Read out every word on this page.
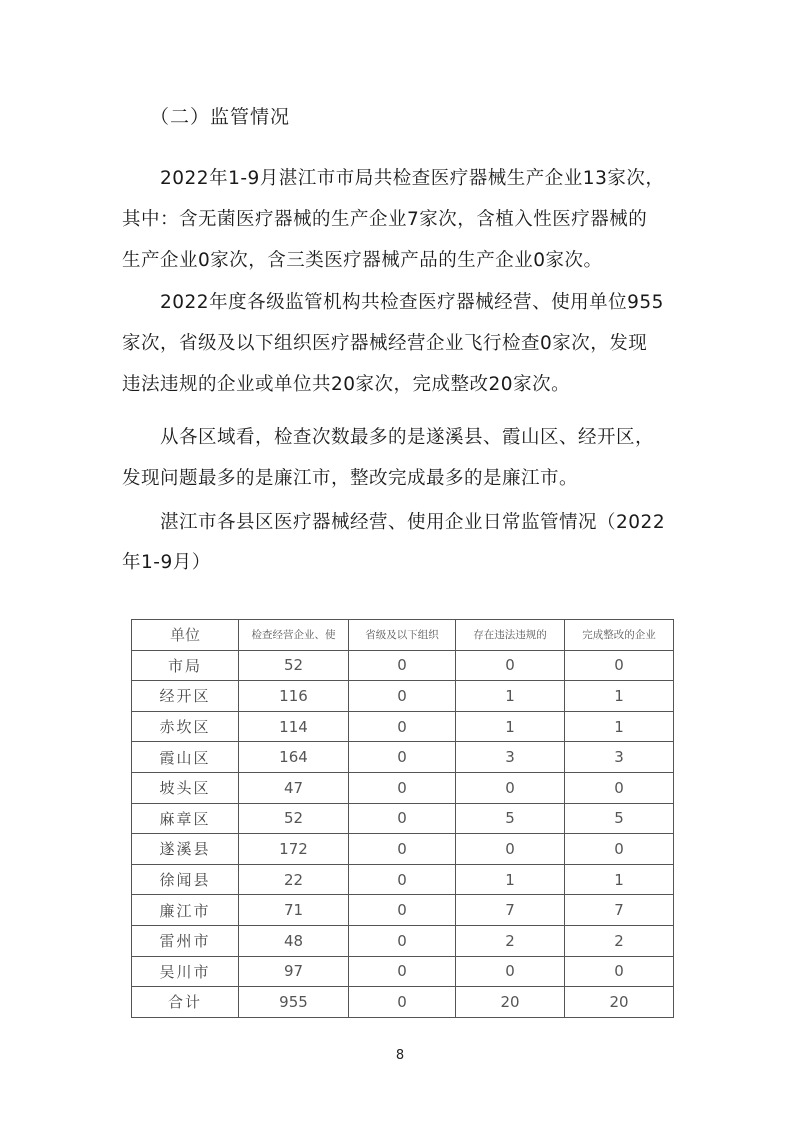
（二）监管情况
2022年1-9月湛江市市局共检查医疗器械生产企业13家次，
其中：含无菌医疗器械的生产企业7家次，含植入性医疗器械的
生产企业0家次，含三类医疗器械产品的生产企业0家次。
2022年度各级监管机构共检查医疗器械经营、使用单位955
家次，省级及以下组织医疗器械经营企业飞行检查0家次，发现
违法违规的企业或单位共20家次，完成整改20家次。
从各区域看，检查次数最多的是遂溪县、霞山区、经开区，
发现问题最多的是廉江市，整改完成最多的是廉江市。
湛江市各县区医疗器械经营、使用企业日常监管情况（2022
年1-9月）
单位	检查经营企业、使	省级及以下组织	存在违法违规的	完成整改的企业
市局	52	0	0	0
经开区	116	0	1	1
赤坎区	114	0	1	1
霞山区	164	0	3	3
坡头区	47	0	0	0
麻章区	52	0	5	5
遂溪县	172	0	0	0
徐闻县	22	0	1	1
廉江市	71	0	7	7
雷州市	48	0	2	2
吴川市	97	0	0	0
合计	955	0	20	20
8
